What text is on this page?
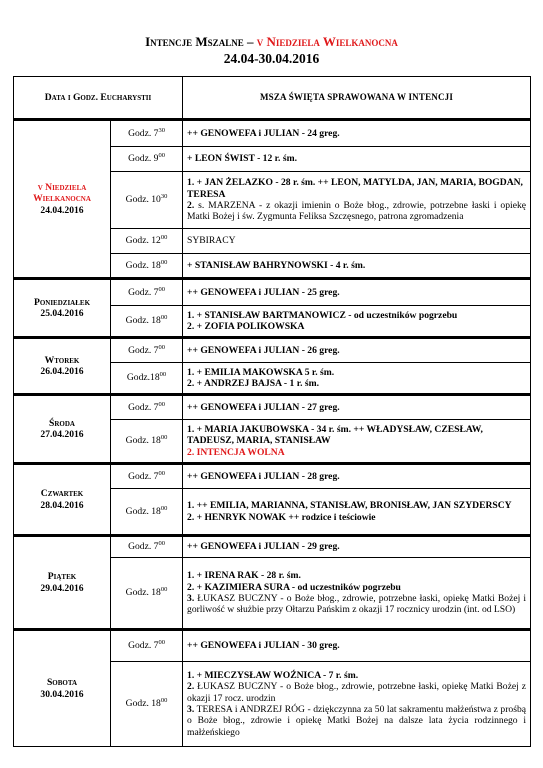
Intencje Mszalne – v Niedziela Wielkanocna
24.04-30.04.2016
Data i Godz. Eucharystii		MSZA ŚWIĘTA SPRAWOWANA W INTENCJI

v Niedziela Wielkanocna
24.04.2016	Godz. $7^{30}$	++ GENOWEFA i JULIAN - 24 greg.

	Godz. $9^{00}$	+ LEON ŚWIST - 12 r. śm.

	Godz. $10^{30}$	1. + JAN ŻELAZKO - 28 r. śm. ++ LEON, MATYLDA, JAN, MARIA, BOGDAN, TERESA
2. s. MARZENA - z okazji imienin o Boże błog., zdrowie, potrzebne łaski i opiekę Matki Bożej i św. Zygmunta Feliksa Szczęsnego, patrona zgromadzenia

	Godz. $12^{00}$	SYBIRACY

	Godz. $18^{00}$	+ STANISŁAW BAHRYNOWSKI - 4 r. śm.

Poniedziałek
25.04.2016	Godz. $7^{00}$	++ GENOWEFA i JULIAN - 25 greg.

	Godz. $18^{00}$	1. + STANISŁAW BARTMANOWICZ - od uczestników pogrzebu
2. + ZOFIA POLIKOWSKA

Wtorek
26.04.2016	Godz. $7^{00}$	++ GENOWEFA i JULIAN - 26 greg.

	$Godz.18^{00}$	1. + EMILIA MAKOWSKA 5 r. śm.
2. + ANDRZEJ BAJSA - 1 r. śm.

Środa
27.04.2016	Godz. $7^{00}$	++ GENOWEFA i JULIAN - 27 greg.

	Godz. $18^{00}$	1. + MARIA JAKUBOWSKA - 34 r. śm. ++ WŁADYSŁAW, CZESŁAW, TADEUSZ, MARIA, STANISŁAW
2. INTENCJA WOLNA

Czwartek
28.04.2016	Godz. $7^{00}$	++ GENOWEFA i JULIAN - 28 greg.

	Godz. $18^{00}$	1. ++ EMILIA, MARIANNA, STANISŁAW, BRONISŁAW, JAN SZYDERSCY
2. + HENRYK NOWAK ++ rodzice i teściowie

Piątek
29.04.2016	Godz. $7^{00}$	++ GENOWEFA i JULIAN - 29 greg.

	Godz. $18^{00}$	1. + IRENA RAK - 28 r. śm.
2. + KAZIMIERA SURA - od uczestników pogrzebu
3. ŁUKASZ BUCZNY - o Boże błog., zdrowie, potrzebne łaski, opiekę Matki Bożej i gorliwość w służbie przy Ołtarzu Pańskim z okazji 17 rocznicy urodzin (int. od LSO)

Sobota
30.04.2016	Godz. $7^{00}$	++ GENOWEFA i JULIAN - 30 greg.

	Godz. $18^{00}$	1. + MIECZYSŁAW WOŹNICA - 7 r. śm.
2. ŁUKASZ BUCZNY - o Boże błog., zdrowie, potrzebne łaski, opiekę Matki Bożej z okazji 17 rocz. urodzin
3. TERESA i ANDRZEJ RÓG - dziękczynna za 50 lat sakramentu małżeństwa z prośbą o Boże błog., zdrowie i opiekę Matki Bożej na dalsze lata życia rodzinnego i małżeńskiego
